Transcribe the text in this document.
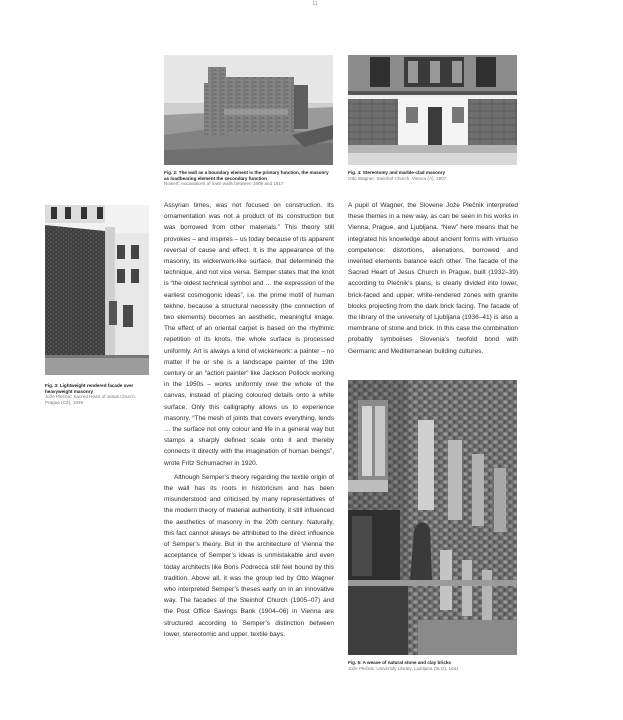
11
Fig. 2: The wall as a boundary element is the primary function, the masonry as loadbearing element the secondary function
Nowert: excavations of town walls between 1909 and 1917
Fig. 4: Stereotomy and marble-clad masonry
Otto Wagner: Steinhof Church, Vienna (A), 1907
Fig. 3: Lightweight rendered facade over heavyweight masonry
Jože Plečnik: Sacred Heart of Jesus Church, Prague (CZ), 1939
Fig. 5: A weave of natural stone and clay bricks
Jože Plečnik: University Library, Ljubljana (SLO), 1941

Assyrian times, was not focused on construction. Its ornamentation was not a product of its construction but was borrowed from other materials.” This theory still provokes – and inspires – us today because of its apparent reversal of cause and effect. It is the appearance of the masonry, its wickerwork-like surface, that determined the technique, and not vice versa. Semper states that the knot is “the oldest technical symbol and … the expression of the earliest cosmogonic ideas”, i.e. the prime motif of human tekhne, because a structural necessity (the connection of two elements) becomes an aesthetic, meaningful image. The effect of an oriental carpet is based on the rhythmic repetition of its knots, the whole surface is processed uniformly. Art is always a kind of wickerwork: a painter – no matter if he or she is a landscape painter of the 19th century or an “action painter” like Jackson Pollock working in the 1950s – works uniformly over the whole of the canvas, instead of placing coloured details onto a white surface. Only this calligraphy allows us to experience masonry. “The mesh of joints that covers everything, lends … the surface not only colour and life in a general way but stamps a sharply defined scale onto it and thereby connects it directly with the imagination of human beings”, wrote Fritz Schumacher in 1920.

Although Semper’s theory regarding the textile origin of the wall has its roots in historicism and has been misunderstood and criticised by many representatives of the modern theory of material authenticity, it still influenced the aesthetics of masonry in the 20th century. Naturally, this fact cannot always be attributed to the direct influence of Semper’s theory. But in the architecture of Vienna the acceptance of Semper’s ideas is unmistakable and even today architects like Boris Podrecca still feel bound by this tradition. Above all, it was the group led by Otto Wagner who interpreted Semper’s theses early on in an innovative way. The facades of the Steinhof Church (1905–07) and the Post Office Savings Bank (1904–06) in Vienna are structured according to Semper’s distinction between lower, stereotomic and upper, textile bays.

A pupil of Wagner, the Slovene Jože Plečnik interpreted these themes in a new way, as can be seen in his works in Vienna, Prague, and Ljubljana. “New” here means that he integrated his knowledge about ancient forms with virtuoso competence: distortions, alienations, borrowed and invented elements balance each other. The facade of the Sacred Heart of Jesus Church in Prague, built (1932–39) according to Plečnik’s plans, is clearly divided into lower, brick-faced and upper, white-rendered zones with granite blocks projecting from the dark brick facing. The facade of the library of the university of Ljubljana (1936–41) is also a membrane of stone and brick. In this case the combination probably symbolises Slovenia’s twofold bond with Germanic and Mediterranean building cultures.
